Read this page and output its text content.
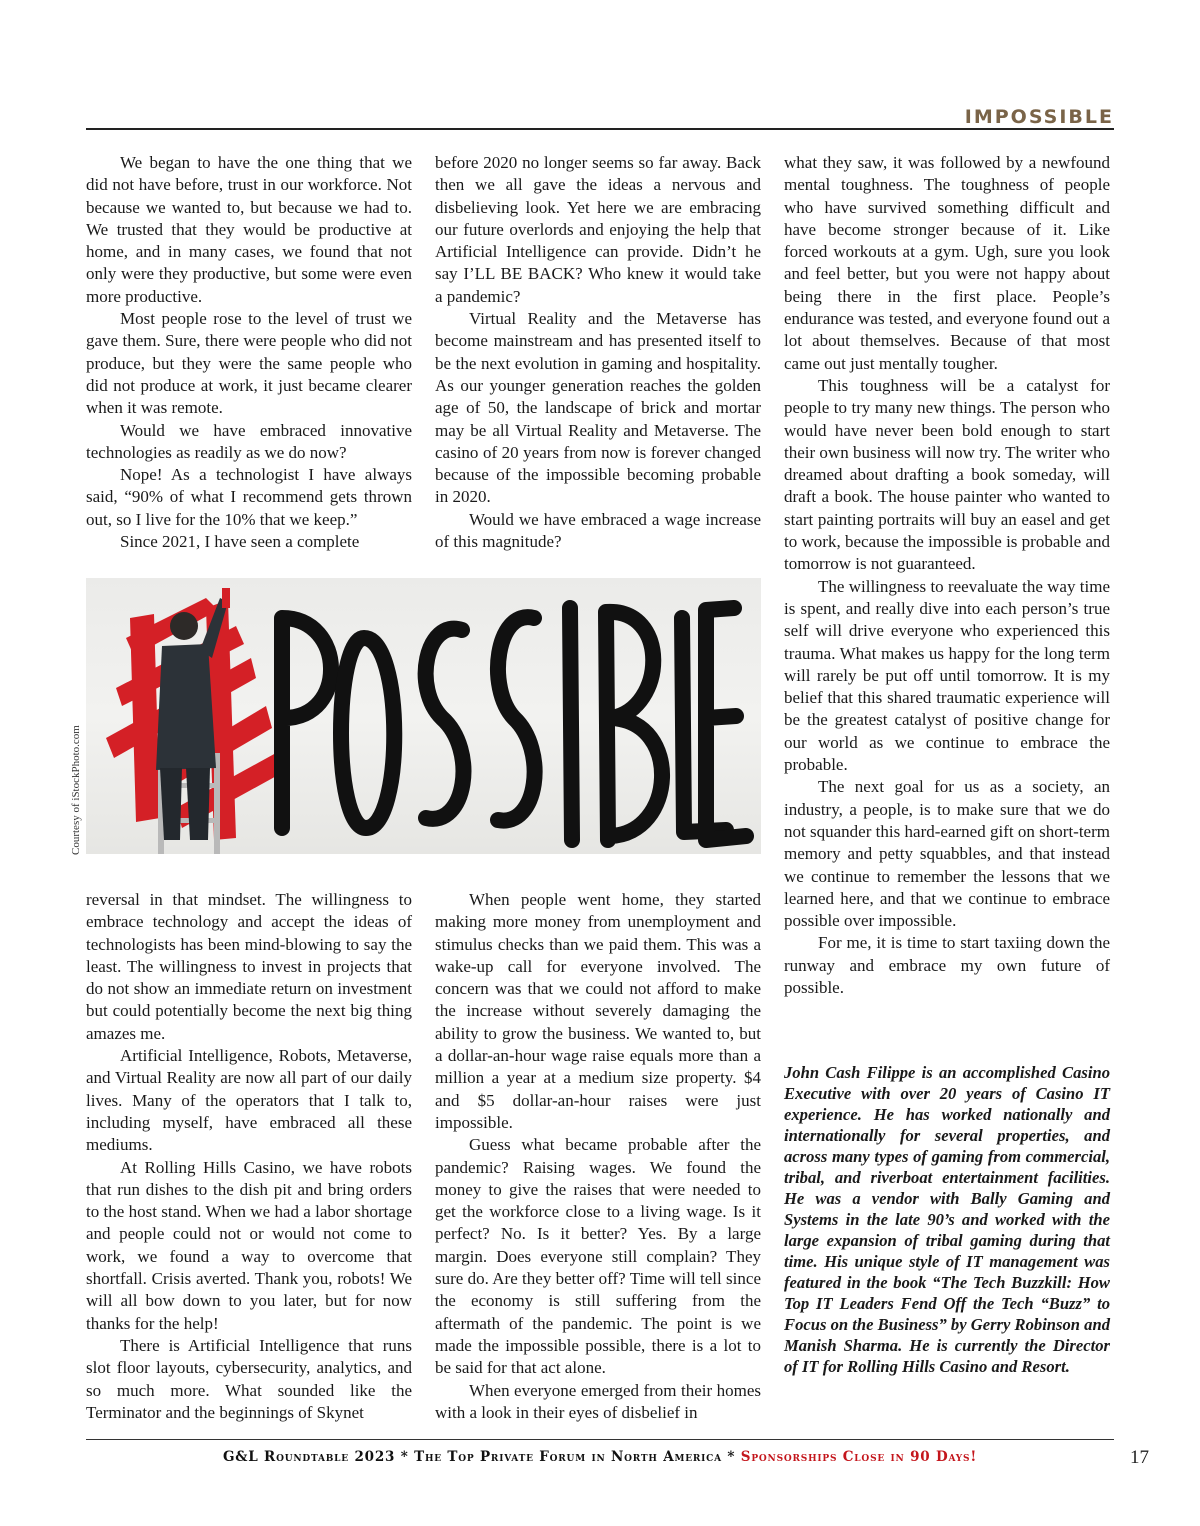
IMPOSSIBLE

We began to have the one thing that we did not have before, trust in our workforce. Not because we wanted to, but because we had to. We trusted that they would be productive at home, and in many cases, we found that not only were they productive, but some were even more productive.

Most people rose to the level of trust we gave them. Sure, there were people who did not produce, but they were the same people who did not produce at work, it just became clearer when it was remote.

Would we have embraced innovative technologies as readily as we do now?

Nope! As a technologist I have always said, “90% of what I recommend gets thrown out, so I live for the 10% that we keep.”

Since 2021, I have seen a complete

before 2020 no longer seems so far away. Back then we all gave the ideas a nervous and disbelieving look. Yet here we are embracing our future overlords and enjoying the help that Artificial Intelligence can provide. Didn’t he say I’LL BE BACK? Who knew it would take a pandemic?

Virtual Reality and the Metaverse has become mainstream and has presented itself to be the next evolution in gaming and hospitality. As our younger generation reaches the golden age of 50, the landscape of brick and mortar may be all Virtual Reality and Metaverse. The casino of 20 years from now is forever changed because of the impossible becoming probable in 2020.

Would we have embraced a wage increase of this magnitude?

what they saw, it was followed by a newfound mental toughness. The toughness of people who have survived something difficult and have become stronger because of it. Like forced workouts at a gym. Ugh, sure you look and feel better, but you were not happy about being there in the first place. People’s endurance was tested, and everyone found out a lot about themselves. Because of that most came out just mentally tougher.

This toughness will be a catalyst for people to try many new things. The person who would have never been bold enough to start their own business will now try. The writer who dreamed about drafting a book someday, will draft a book. The house painter who wanted to start painting portraits will buy an easel and get to work, because the impossible is probable and tomorrow is not guaranteed.

The willingness to reevaluate the way time is spent, and really dive into each person’s true self will drive everyone who experienced this trauma. What makes us happy for the long term will rarely be put off until tomorrow. It is my belief that this shared traumatic experience will be the greatest catalyst of positive change for our world as we continue to embrace the probable.

The next goal for us as a society, an industry, a people, is to make sure that we do not squander this hard-earned gift on short-term memory and petty squabbles, and that instead we continue to remember the lessons that we learned here, and that we continue to embrace possible over impossible.

For me, it is time to start taxiing down the runway and embrace my own future of possible.

Courtesy of iStockPhoto.com

reversal in that mindset. The willingness to embrace technology and accept the ideas of technologists has been mind-blowing to say the least. The willingness to invest in projects that do not show an immediate return on investment but could potentially become the next big thing amazes me.

Artificial Intelligence, Robots, Metaverse, and Virtual Reality are now all part of our daily lives. Many of the operators that I talk to, including myself, have embraced all these mediums.

At Rolling Hills Casino, we have robots that run dishes to the dish pit and bring orders to the host stand. When we had a labor shortage and people could not or would not come to work, we found a way to overcome that shortfall. Crisis averted. Thank you, robots! We will all bow down to you later, but for now thanks for the help!

There is Artificial Intelligence that runs slot floor layouts, cybersecurity, analytics, and so much more. What sounded like the Terminator and the beginnings of Skynet

When people went home, they started making more money from unemployment and stimulus checks than we paid them. This was a wake-up call for everyone involved. The concern was that we could not afford to make the increase without severely damaging the ability to grow the business. We wanted to, but a dollar-an-hour wage raise equals more than a million a year at a medium size property. $4 and $5 dollar-an-hour raises were just impossible.

Guess what became probable after the pandemic? Raising wages. We found the money to give the raises that were needed to get the workforce close to a living wage. Is it perfect? No. Is it better? Yes. By a large margin. Does everyone still complain? They sure do. Are they better off? Time will tell since the economy is still suffering from the aftermath of the pandemic. The point is we made the impossible possible, there is a lot to be said for that act alone.

When everyone emerged from their homes with a look in their eyes of disbelief in

John Cash Filippe is an accomplished Casino Executive with over 20 years of Casino IT experience. He has worked nationally and internationally for several properties, and across many types of gaming from commercial, tribal, and riverboat entertainment facilities. He was a vendor with Bally Gaming and Systems in the late 90’s and worked with the large expansion of tribal gaming during that time. His unique style of IT management was featured in the book “The Tech Buzzkill: How Top IT Leaders Fend Off the Tech “Buzz” to Focus on the Business” by Gerry Robinson and Manish Sharma. He is currently the Director of IT for Rolling Hills Casino and Resort.
G&L Roundtable 2023 * The Top Private Forum in North America * Sponsorships Close in 90 Days!	17
